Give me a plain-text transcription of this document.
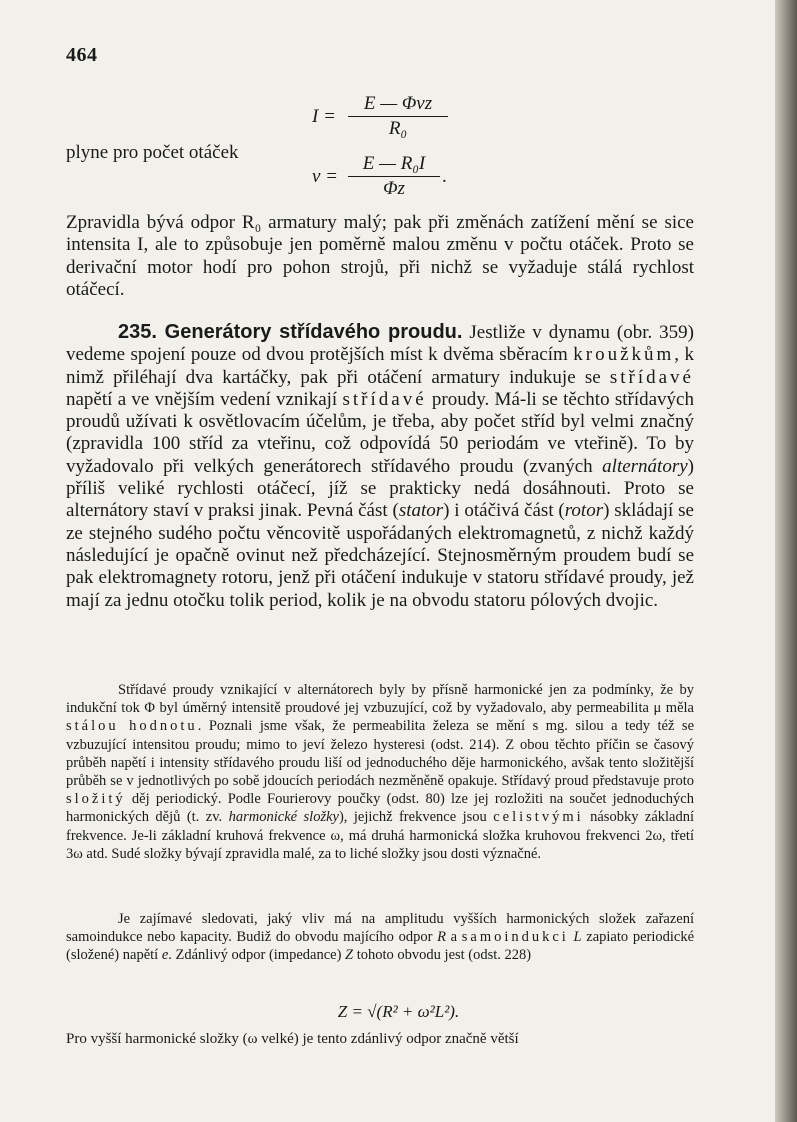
464
plyne pro počet otáček
I =
E — Φνz
R₀
$\nu = \frac{\text{E — R₀I}}{\Phi z}$ .
Zpravidla bývá odpor R₀ armatury malý; pak při změnách zatížení mění se sice intensita I, ale to způsobuje jen poměrně malou změnu v počtu otáček. Proto se derivační motor hodí pro pohon strojů, při nichž se vyžaduje stálá rychlost otáčecí.
235. Generátory střídavého proudu. Jestliže v dynamu (obr. 359) vedeme spojení pouze od dvou protějších míst k dvěma sběracím kroužkům, k nimž přiléhají dva kartáčky, pak při otáčení armatury indukuje se střídavé napětí a ve vnějším vedení vznikají střídavé proudy. Má-li se těchto střídavých proudů užívati k osvětlovacím účelům, je třeba, aby počet stříd byl velmi značný (zpravidla 100 stříd za vteřinu, což odpovídá 50 periodám ve vteřině). To by vyžadovalo při velkých generátorech střídavého proudu (zvaných alternátory) příliš veliké rychlosti otáčecí, jíž se prakticky nedá dosáhnouti. Proto se alternátory staví v praksi jinak. Pevná část (stator) i otáčivá část (rotor) skládají se ze stejného sudého počtu věncovitě uspořádaných elektromagnetů, z nichž každý následující je opačně ovinut než předcházející. Stejnosměrným proudem budí se pak elektromagnety rotoru, jenž při otáčení indukuje v statoru střídavé proudy, jež mají za jednu otočku tolik period, kolik je na obvodu statoru pólových dvojic.
Střídavé proudy vznikající v alternátorech byly by přísně harmonické jen za podmínky, že by indukční tok Φ byl úměrný intensitě proudové jej vzbuzující, což by vyžadovalo, aby permeabilita μ měla stálou hodnotu. Poznali jsme však, že permeabilita železa se mění s mg. silou a tedy též se vzbuzující intensitou proudu; mimo to jeví železo hysteresi (odst. 214). Z obou těchto příčin se časový průběh napětí i intensity střídavého proudu liší od jednoduchého děje harmonického, avšak tento složitější průběh se v jednotlivých po sobě jdoucích periodách nezměněně opakuje. Střídavý proud představuje proto složitý děj periodický. Podle Fourierovy poučky (odst. 80) lze jej rozložiti na součet jednoduchých harmonických dějů (t. zv. harmonické složky), jejichž frekvence jsou celistvými násobky základní frekvence. Je-li základní kruhová frekvence ω, má druhá harmonická složka kruhovou frekvenci 2ω, třetí 3ω atd. Sudé složky bývají zpravidla malé, za to liché složky jsou dosti význačné.
Je zajímavé sledovati, jaký vliv má na amplitudu vyšších harmonických složek zařazení samoindukce nebo kapacity. Budiž do obvodu majícího odpor R a samoindukci L zapiato periodické (složené) napětí e. Zdánlivý odpor (impedance) Z tohoto obvodu jest (odst. 228)
Z = √(R² + ω²L²).
Pro vyšší harmonické složky (ω velké) je tento zdánlivý odpor značně větší
